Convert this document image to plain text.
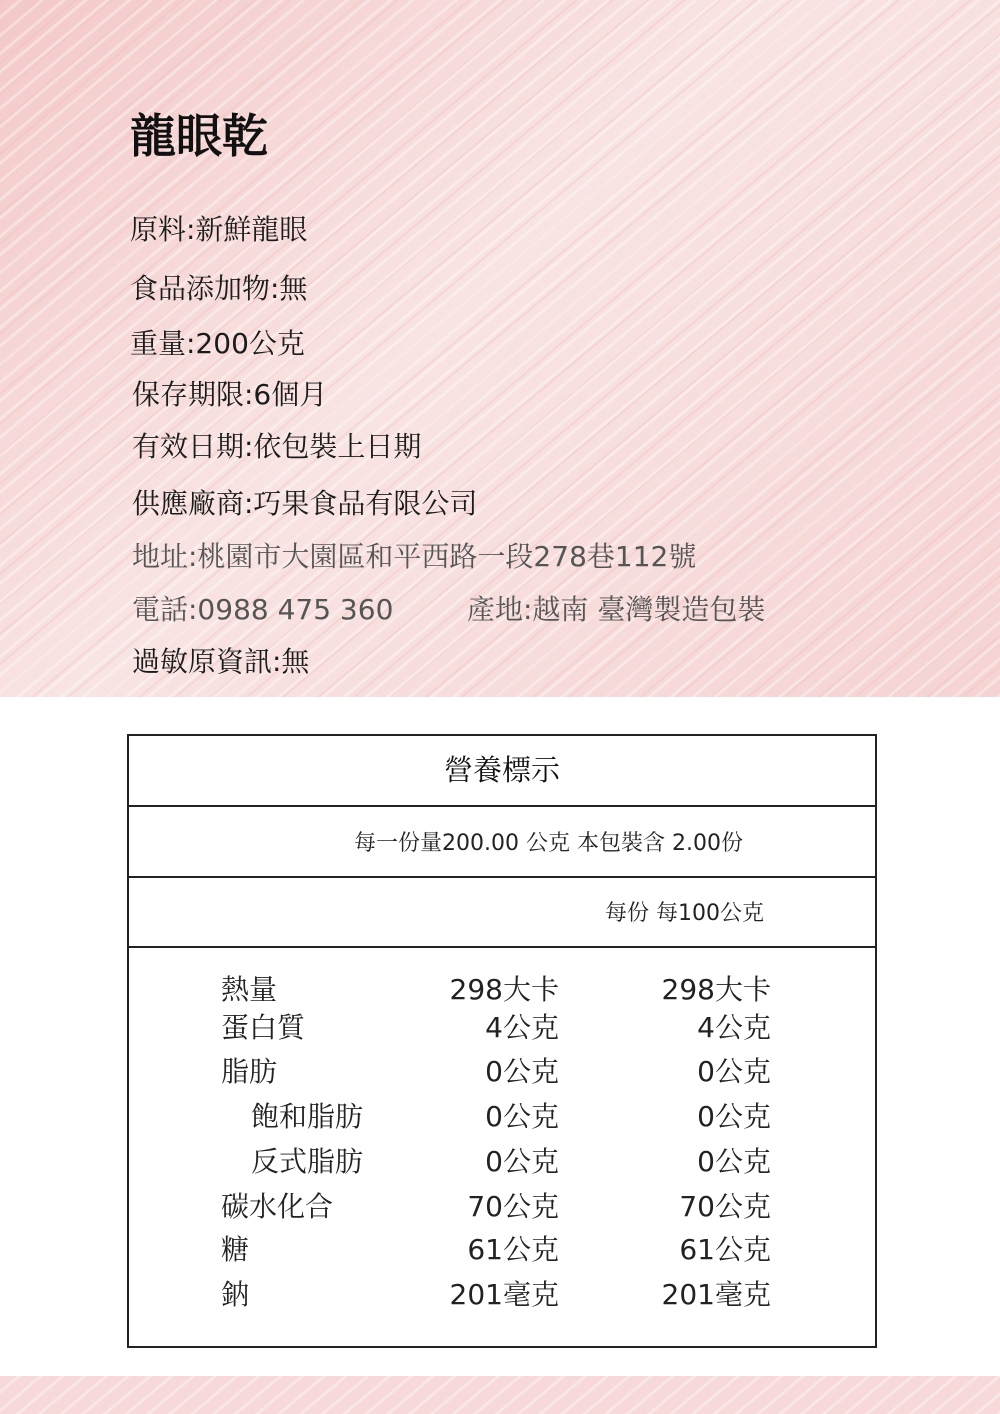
龍眼乾
原料:新鮮龍眼
食品添加物:無
重量:200公克
保存期限:6個月
有效日期:依包裝上日期
供應廠商:巧果食品有限公司
地址:桃園市大園區和平西路一段278巷112號
電話:0988 475 360	產地:越南 臺灣製造包裝
過敏原資訊:無
營養標示
每一份量200.00 公克 本包裝含 2.00份
每份 每100公克
熱量	298大卡	298大卡
蛋白質	4公克	4公克
脂肪	0公克	0公克
飽和脂肪	0公克	0公克
反式脂肪	0公克	0公克
碳水化合	70公克	70公克
糖	61公克	61公克
鈉	201毫克	201毫克
